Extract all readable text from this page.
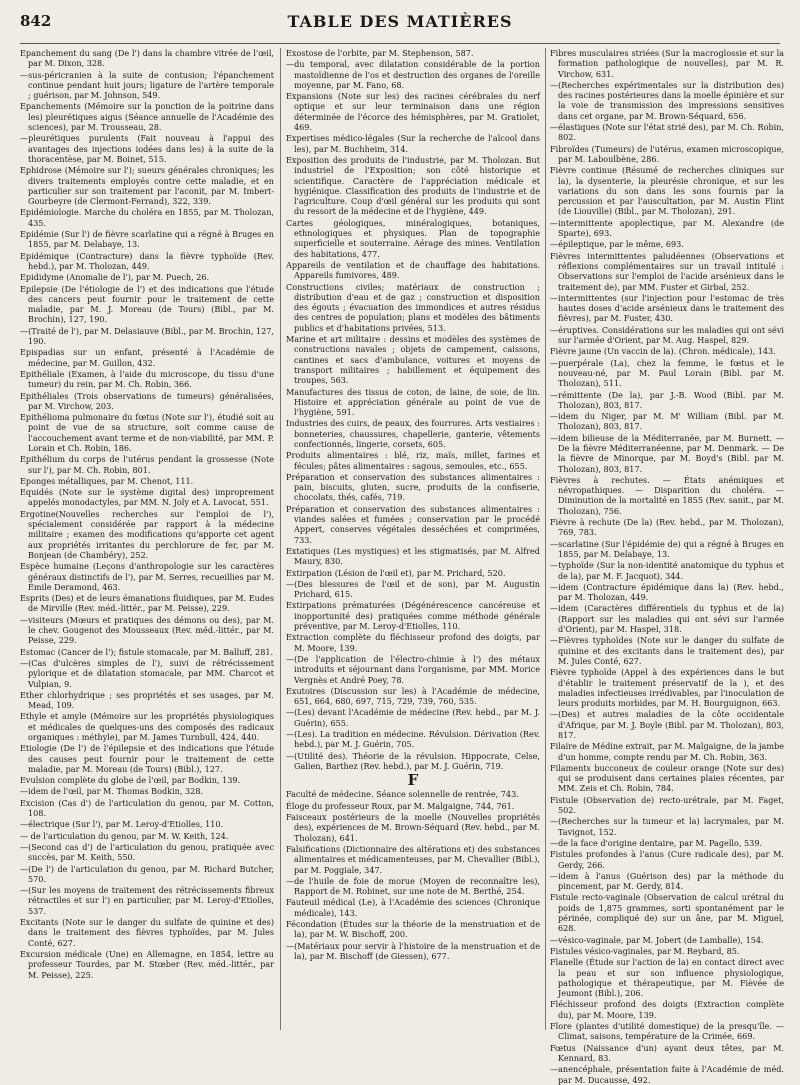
842	TABLE DES MATIÈRES
Epanchement du sang (De l') dans la chambre vitrée de l'œil, par M. Dixon, 328.
—sus-péricranien à la suite de contusion; l'épanchement continue pendant huit jours; ligature de l'artère temporale ; guérison, par M. Johnson, 549.
Epanchements (Mémoire sur la ponction de la poitrine dans les) pleurétiques aigus (Séance annuelle de l'Académie des sciences), par M. Trousseau, 28.
—pleurétiques purulents (Fait nouveau à l'appui des avantages des injections iodées dans les) à la suite de la thoracentèse, par M. Boinet, 515.
Ephidrose (Mémoire sur l'); sueurs générales chroniques; les divers traitements employés contre cette maladie, et en particulier sur son traitement par l'aconit, par M. Imbert-Gourbeyre (de Clermont-Ferrand), 322, 339.
Epidémiologie. Marche du choléra en 1855, par M. Tholozan, 435.
Epidémie (Sur l') de fièvre scarlatine qui a régné à Bruges en 1855, par M. Delabaye, 13.
Epidémique (Contracture) dans la fièvre typhoïde (Rev. hebd.), par M. Tholozan, 449.
Epididyme (Anomalie de l'), par M. Puech, 26.
Epilepsie (De l'étiologie de l') et des indications que l'étude des cancers peut fournir pour le traitement de cette maladie, par M. J. Moreau (de Tours) (Bibl., par M. Brochin), 127, 190.
—(Traité de l'), par M. Delasiauve (Bibl., par M. Brochin, 127, 190.
Epispadias sur un enfant, présenté à l'Académie de médecine, par M. Guillon, 432.
Epithéliale (Examen, à l'aide du microscope, du tissu d'une tumeur) du rein, par M. Ch. Robin, 366.
Epithéliales (Trois observations de tumeurs) généralisées, par M. Virchow, 203.
Epithélioma pulmonaire du fœtus (Note sur l'), étudié soit au point de vue de sa structure, soit comme cause de l'accouchement avant terme et de non-viabilité, par MM. P. Lorain et Ch. Robin, 186.
Epithélium du corps de l'utérus pendant la grossesse (Note sur l'), par M. Ch. Robin, 801.
Eponges métalliques, par M. Chenot, 111.
Equidés (Note sur le système digital des) improprement appelés monodactyles, par MM. N. Joly et A. Lavocat, 551.
Ergotine(Nouvelles recherches sur l'emploi de l'), spécialement considérée par rapport à la médecine militaire ; examen des modifications qu'apporte cet agent aux propriétés irritantes du perchlorure de fer, par M. Bonjean (de Chambéry), 252.
Espèce humaine (Leçons d'anthropologie sur les caractères généraux distinctifs de l'), par M. Serres, recueillies par M. Émile Deramond, 463.
Esprits (Des) et de leurs émanations fluidiques, par M. Eudes de Mirville (Rev. méd.-littér., par M. Peisse), 229.
—visiteurs (Mœurs et pratiques des démons ou des), par M. le chev. Gougenot des Mousseaux (Rev. méd.-littér., par M. Peisse, 229.
Estomac (Cancer de l'); fistule stomacale, par M. Balluff, 281.
—(Cas d'ulcères simples de l'), suivi de rétrécissement pylorique et de dilatation stomacale, par MM. Charcot et Vulpian, 9.
Ether chlorhydrique ; ses propriétés et ses usages, par M. Mead, 109.
Ethyle et amyle (Mémoire sur les propriétés physiologiques et médicales de quelques-uns des composés des radicaux organiques : méthyle), par M. James Turnbull, 424, 440.
Etiologie (De l') de l'épilepsie et des indications que l'étude des causes peut fournir pour le traitement de cette maladie, par M. Moreau (de Tours) (Bibl.), 127.
Evulsion complète du globe de l'œil, par Bodkin, 139.
—idem de l'œil, par M. Thomas Bodkin, 328.
Excision (Cas d') de l'articulation du genou, par M. Cotton, 108.
—électrique (Sur l'), par M. Leroy-d'Etiolles, 110.
— de l'articulation du genou, par M. W. Keith, 124.
—(Second cas d') de l'articulation du genou, pratiquée avec succès, par M. Keith, 550.
—(De l') de l'articulation du genou, par M. Richard Butcher, 570.
—(Sur les moyens de traitement des rétrécissements fibreux rétractiles et sur l') en particulier, par M. Leroy-d'Etiolles, 537.
Excitants (Note sur le danger du sulfate de quinine et des) dans le traitement des fièvres typhoïdes, par M. Jules Conté, 627.
Excursion médicale (Une) en Allemagne, en 1854, lettre au professeur Tourdes, par M. Stœber (Rev. méd.-littér., par M. Peisse), 225.
Exostose de l'orbite, par M. Stephenson, 587.
—du temporal, avec dilatation considérable de la portion mastoïdienne de l'os et destruction des organes de l'oreille moyenne, par M. Fano, 68.
Expansions (Note sur les) des racines cérébrales du nerf optique et sur leur terminaison dans une région déterminée de l'écorce des hémisphères, par M. Gratiolet, 469.
Expertises médico-légales (Sur la recherche de l'alcool dans les), par M. Buchheim, 314.
Exposition des produits de l'industrie, par M. Tholozan. But industriel de l'Exposition; son côté historique et scientifique. Caractère de l'appréciation médicale et hygiénique. Classification des produits de l'industrie et de l'agriculture. Coup d'œil général sur les produits qui sont du ressort de la médecine et de l'hygiène, 449.
Cartes géologiques, minéralogiques, botaniques, ethnologiques et physiques. Plan de topographie superficielle et souterraine. Aérage des mines. Ventilation des habitations, 477.
Appareils de ventilation et de chauffage des habitations. Appareils fumivores, 489.
Constructions civiles; matériaux de construction ; distribution d'eau et de gaz ; construction et disposition des égouts ; évacuation des immondices et autres résidus des centres de population; plans et modèles des bâtiments publics et d'habitations privées, 513.
Marine et art militaire : dessins et modèles des systèmes de constructions navales ; objets de campement, caissons, cantines et sacs d'ambulance, voitures et moyens de transport militaires ; habillement et équipement des troupes, 563.
Manufactures des tissus de coton, de laine, de soie, de lin. Histoire et appréciation générale au point de vue de l'hygiène, 591.
Industries des cuirs, de peaux, des fourrures. Arts vestiaires : bonneteries, chaussures, chapellerie, ganterie, vêtements confectionnés, lingerie, corsets, 605.
Produits alimentaires : blé, riz, maïs, millet, farines et fécules; pâtes alimentaires : sagous, semoules, etc., 655.
Préparation et conservation des substances alimentaires : pain, biscuits, gluten, sucre, produits de la confiserie, chocolats, thés, cafés, 719.
Préparation et conservation des substances alimentaires : viandes salées et fumées ; conservation par le procédé Appert, conserves végétales desséchées et comprimées, 733.
Extatiques (Les mystiques) et les stigmatisés, par M. Alfred Maury, 830.
Extirpation (Lésion de l'œil et), par M. Prichard, 520.
—(Des blessures de l'œil et de son), par M. Augustin Prichard, 615.
Extirpations prématurées (Dégénérescence cancéreuse et inopportunité des) pratiquées comme méthode générale préventive, par M. Leroy-d'Etiolles, 110.
Extraction complète du fléchisseur profond des doigts, par M. Moore, 139.
—(De l'application de l'électro-chimie à l') des métaux introduits et séjournant dans l'organisme, par MM. Morice Vergnès et André Poey, 78.
Exutoires (Discussion sur les) à l'Académie de médecine, 651, 664, 680, 697, 715, 729, 739, 760, 535.
—(Les) devant l'Académie de médecine (Rev. hebd., par M. J. Guérin), 655.
—(Les). La tradition en médecine. Révulsion. Dérivation (Rev. hebd.), par M. J. Guérin, 705.
—(Utilité des). Théorie de la révulsion. Hippocrate, Celse, Galien, Barthez (Rev. hebd.), par M. J. Guérin, 719.
F
Faculté de médecine. Séance solennelle de rentrée, 743.
Éloge du professeur Roux, par M. Malgaigne, 744, 761.
Faisceaux postérieurs de la moelle (Nouvelles propriétés des), expériences de M. Brown-Séquard (Rev. hebd., par M. Tholozan), 641.
Falsifications (Dictionnaire des altérations et) des substances alimentaires et médicamenteuses, par M. Chevallier (Bibl.), par M. Poggiale, 347.
—de l'huile de foie de morue (Moyen de reconnaître les), Rapport de M. Robinet, sur une note de M. Berthé, 254.
Fauteuil médical (Le), à l'Académie des sciences (Chronique médicale), 143.
Fécondation (Études sur la théorie de la menstruation et de la), par M. W. Bischoff, 200.
—(Matériaux pour servir à l'histoire de la menstruation et de la), par M. Bischoff (de Giessen), 677.
Fibres musculaires striées (Sur la macroglossie et sur la formation pathologique de nouvelles), par M. R. Virchow, 631.
—(Recherches expérimentales sur la distribution des) des racines postérieures dans la moelle épinière et sur la voie de transmission des impressions sensitives dans cet organe, par M. Brown-Séquard, 656.
—élastiques (Note sur l'état strié des), par M. Ch. Robin, 802.
Fibroïdes (Tumeurs) de l'utérus, examen microscopique, par M. Laboulbène, 286.
Fièvre continue (Résumé de recherches cliniques sur la), la dysenterie, la pleurésie chronique, et sur les variations du son dans les sons fournis par la percussion et par l'auscultation, par M. Austin Flint (de Liouville) (Bibl., par M. Tholozan), 291.
—intermittente apoplectique, par M. Alexandre (de Sparte), 693.
—épileptique, par le même, 693.
Fièvres intermittentes paludéennes (Observations et réflexions complémentaires sur un travail intitulé : Observations sur l'emploi de l'acide arsénieux dans le traitement de), par MM. Fuster et Girbal, 252.
—intermittentes (sur l'injection pour l'estomac de très hautes doses d'acide arsénieux dans le traitement des fièvres), par M. Fuster, 430.
—éruptives. Considérations sur les maladies qui ont sévi sur l'armée d'Orient, par M. Aug. Haspel, 829.
Fièvre jaune (Un vaccin de la). (Chron. médicale), 143.
—puerpérale (La), chez la femme, le fœtus et le nouveau-né, par M. Paul Lorain (Bibl. par M. Tholozan), 511.
—rémittente (De la), par J.-B. Wood (Bibl. par M. Tholozan), 803, 817.
—idem du Niger, par M. M' William (Bibl. par M. Tholozan), 803, 817.
—idem bilieuse de la Méditerranée, par M. Burnett. — De la fièvre Méditerranéenne, par M. Denmark. — De la fièvre de Minorque, par M. Boyd's (Bibl. par M. Tholozan), 803, 817.
Fièvres à rechutes. — États anémiques et névropathiques. — Disparition du choléra. — Diminution de la mortalité en 1855 (Rev. sanit., par M. Tholozan), 756.
Fièvre à rechute (De la) (Rev. hebd., par M. Tholozan), 769, 783.
—scarlatine (Sur l'épidémie de) qui a régné à Bruges en 1855, par M. Delabaye, 13.
—typhoïde (Sur la non-identité anatomique du typhus et de la), par M. F. Jacquot), 344.
—idem (Contracture épidémique dans la) (Rev. hebd., par M. Tholozan, 449.
—idem (Caractères différentiels du typhus et de la) (Rapport sur les maladies qui ont sévi sur l'armée d'Orient), par M. Haspel, 318.
—Fièvres typhoïdes (Note sur le danger du sulfate de quinine et des excitants dans le traitement des), par M. Jules Conté, 627.
Fièvre typhoïde (Appel à des expériences dans le but d'établir le traitement préservatif de la ), et des maladies infectieuses irrédivables, par l'inoculation de leurs produits morbides, par M. H. Bourguignon, 663.
—(Des) et autres maladies de la côte occidentale d'Afrique, par M. J. Boyle (Bibl. par M. Tholozan), 803, 817.
Filaire de Médine extrait, par M. Malgaigne, de la jambe d'un homme, compte rendu par M. Ch. Robin, 363.
Filaments bucconeux de couleur orange (Note sur des) qui se produisent dans certaines plaies récentes, par MM. Zeis et Ch. Robin, 784.
Fistule (Observation de) recto-urétrale, par M. Faget, 502.
—(Recherches sur la tumeur et la) lacrymales, par M. Tavignot, 152.
—de la face d'origine dentaire, par M. Pagello, 539.
Fistules profondes à l'anus (Cure radicale des), par M. Gerdy, 266.
—idem à l'anus (Guérison des) par la méthode du pincement, par M. Gerdy, 814.
Fistule recto-vaginale (Observation de calcul urétral du poids de 1,875 grammes, sorti spontanément par le périnée, compliqué de) sur un âne, par M. Miguel, 628.
—vésico-vaginale, par M. Jobert (de Lamballe), 154.
Fistules vésico-vaginales, par M. Reybard, 85.
Flanelle (Étude sur l'action de la) en contact direct avec la peau et sur son influence physiologique, pathologique et thérapeutique, par M. Fièvée de Jeumont (Bibl.), 206.
Fléchisseur profond des doigts (Extraction complète du), par M. Moore, 139.
Flore (plantes d'utilité domestique) de la presqu'île. — Climat, saisons, température de la Crimée, 669.
Fœtus (Naissance d'un) ayant deux têtes, par M. Kennard, 83.
—anencéphale, présentation faite à l'Académie de méd. par M. Ducausse, 492.
